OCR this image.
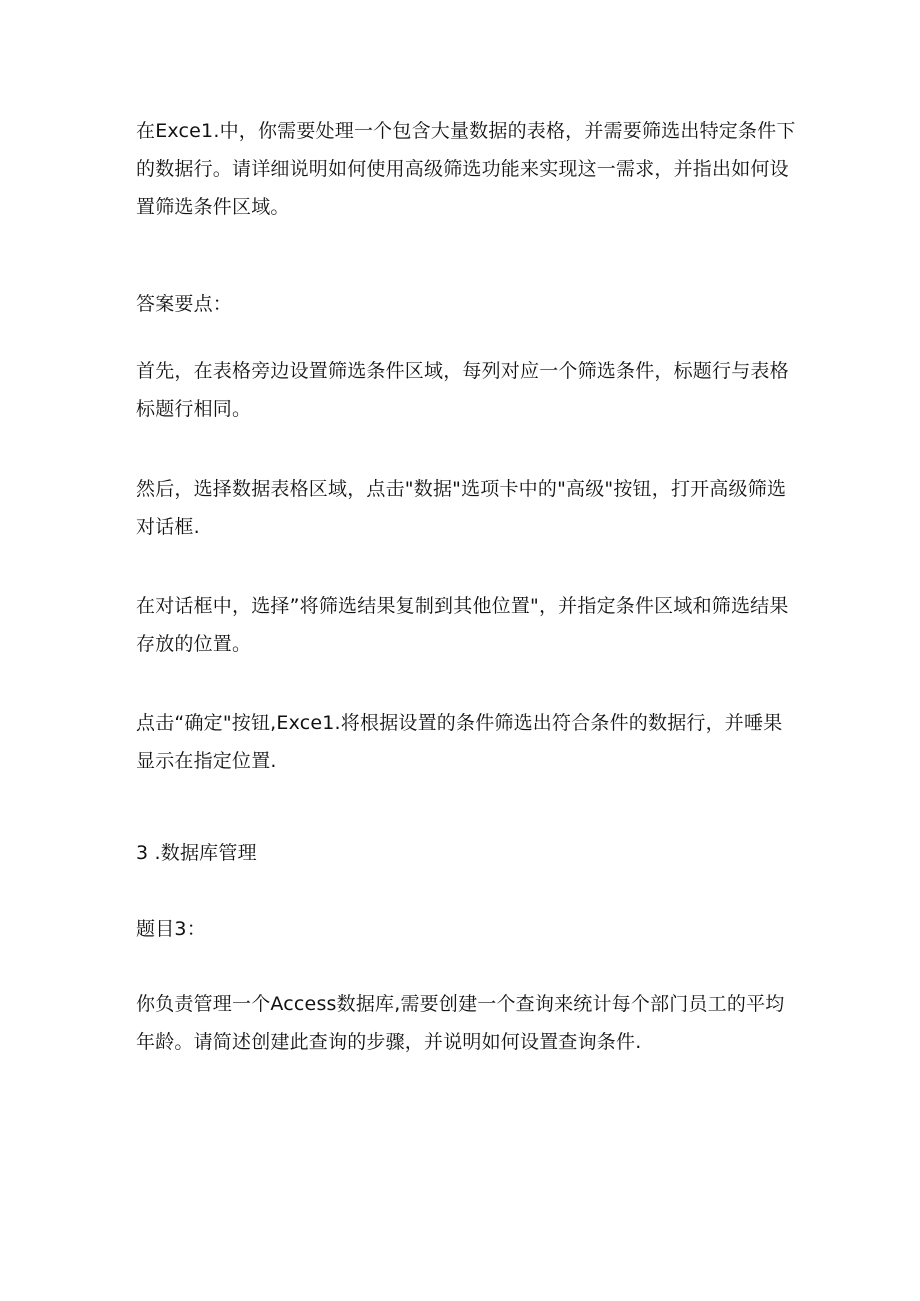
在Exce1.中，你需要处理一个包含大量数据的表格，并需要筛选出特定条件下的数据行。请详细说明如何使用高级筛选功能来实现这一需求，并指出如何设置筛选条件区域。

答案要点：

首先，在表格旁边设置筛选条件区域，每列对应一个筛选条件，标题行与表格标题行相同。

然后，选择数据表格区域，点击"数据"选项卡中的"高级"按钮，打开高级筛选对话框.

在对话框中，选择”将筛选结果复制到其他位置"，并指定条件区域和筛选结果存放的位置。

点击“确定"按钮,Exce1.将根据设置的条件筛选出符合条件的数据行，并唾果显示在指定位置.

3 .数据库管理

题目3：

你负责管理一个Access数据库,需要创建一个查询来统计每个部门员工的平均年龄。请简述创建此查询的步骤，并说明如何设置查询条件.
